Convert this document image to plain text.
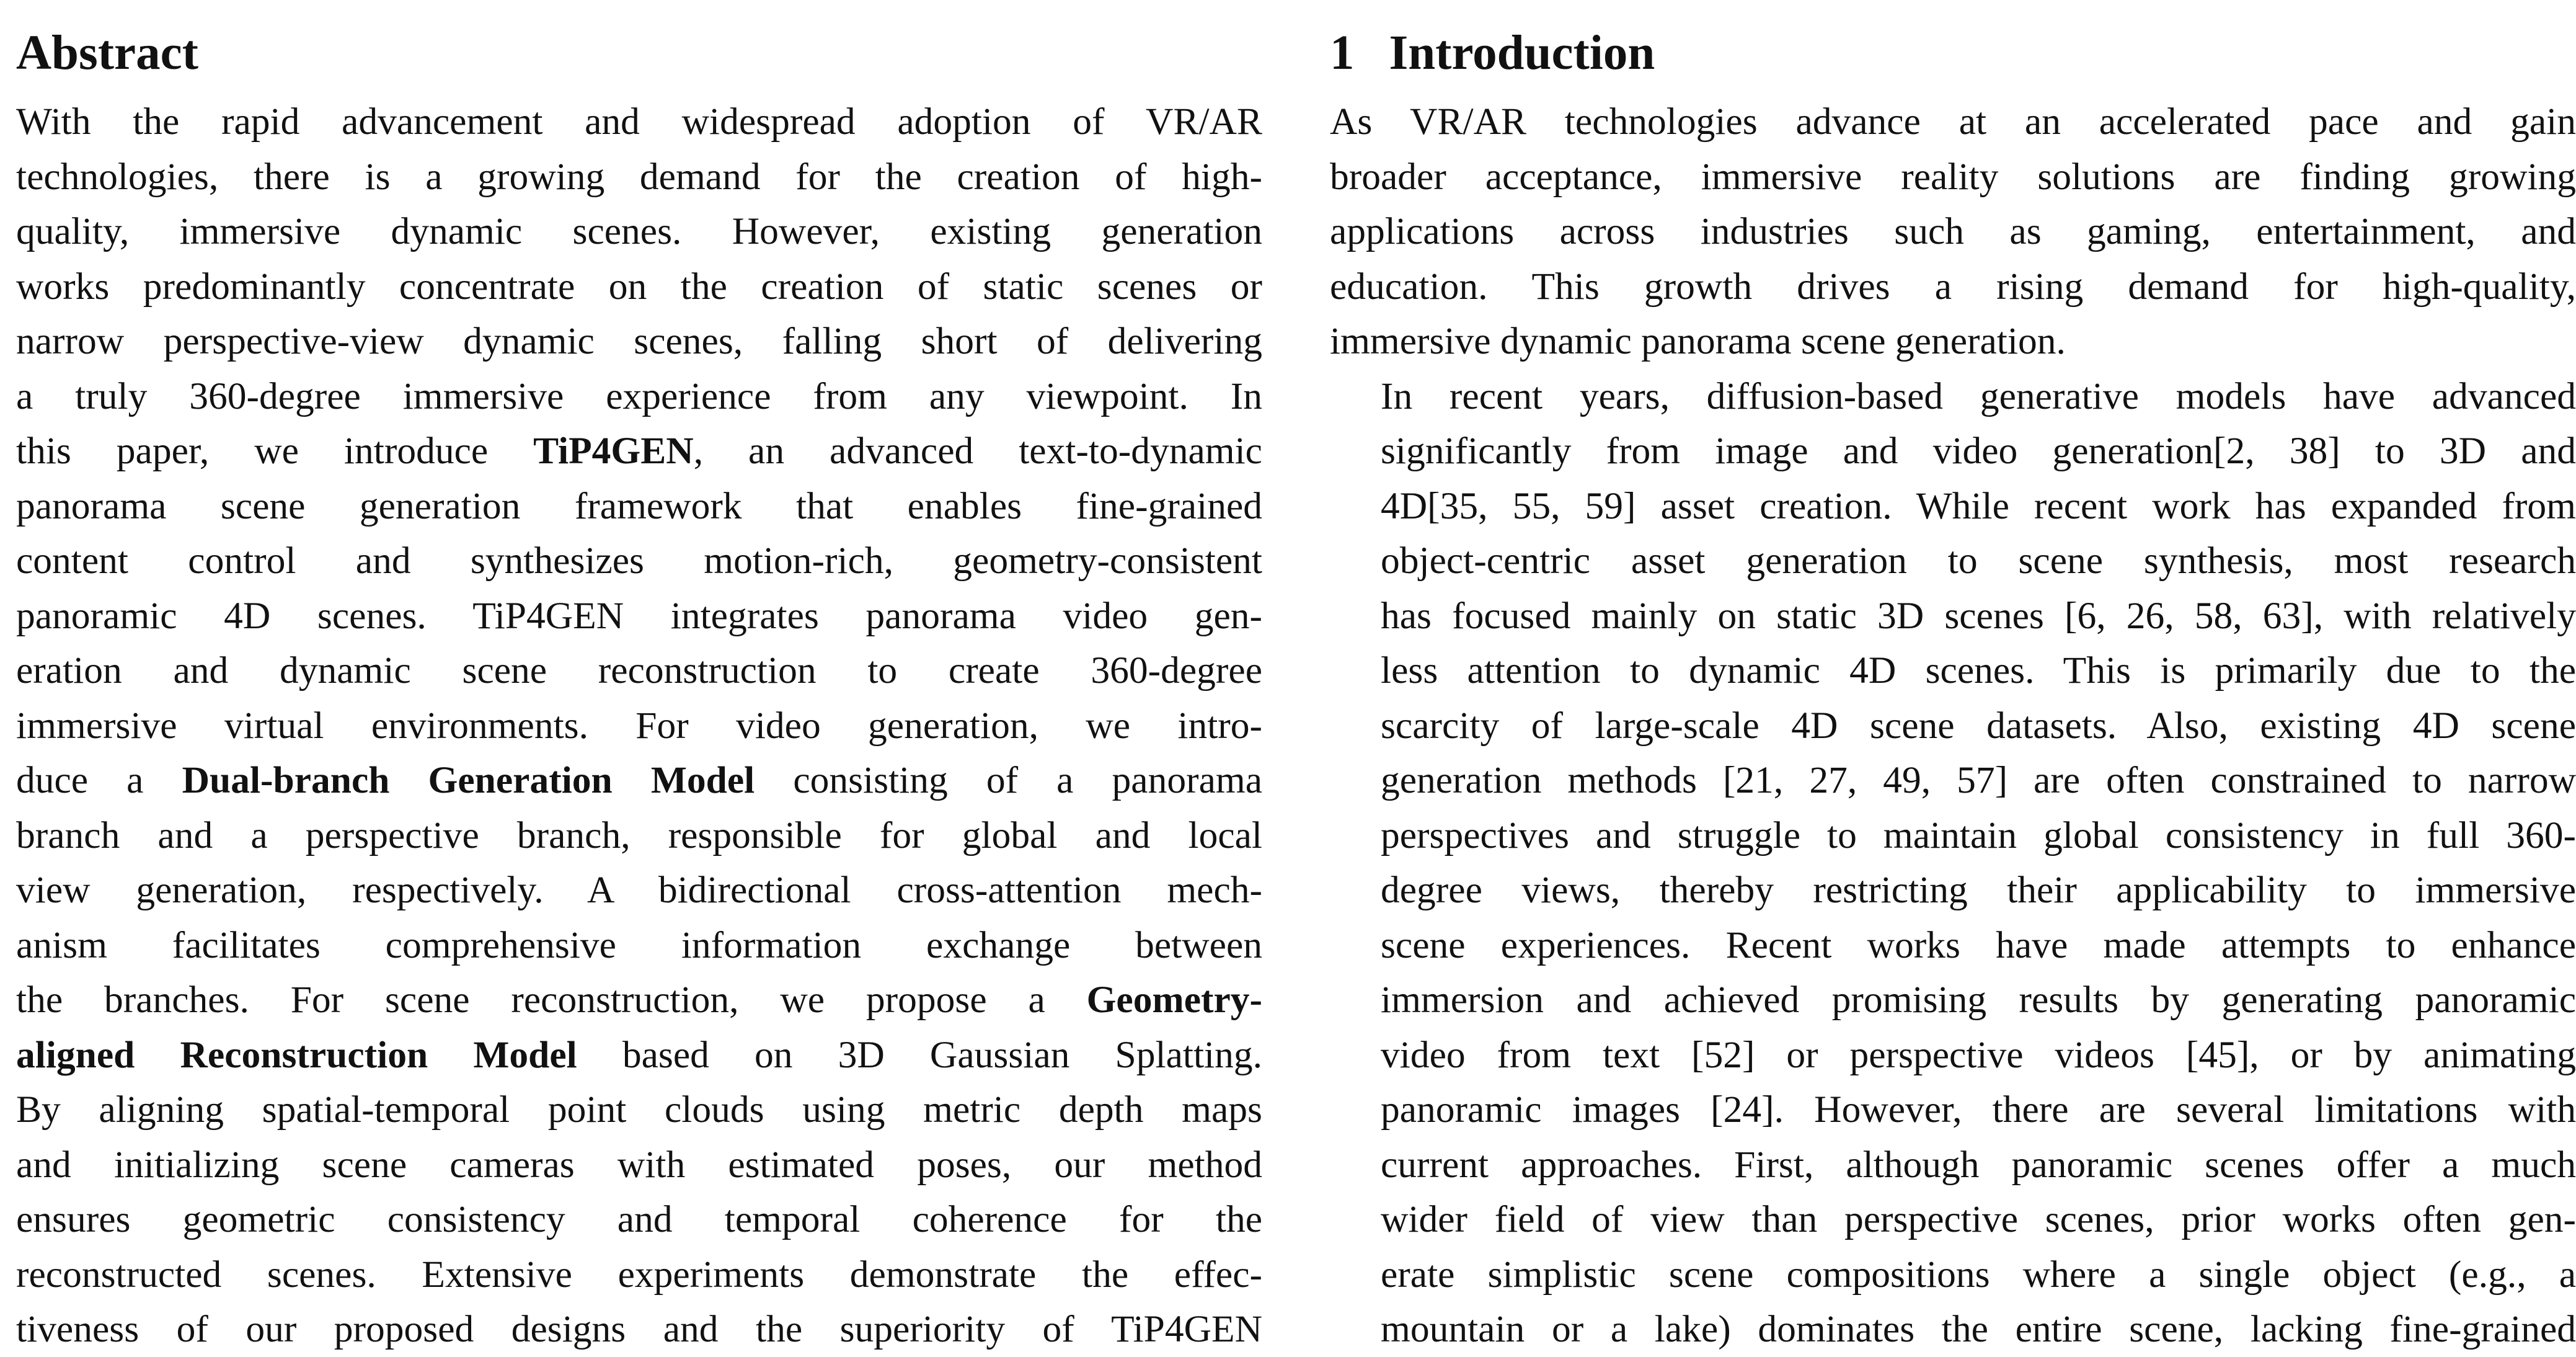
Abstract

With the rapid advancement and widespread adoption of VR/AR
technologies, there is a growing demand for the creation of high-
quality, immersive dynamic scenes. However, existing generation
works predominantly concentrate on the creation of static scenes or
narrow perspective-view dynamic scenes, falling short of delivering
a truly 360-degree immersive experience from any viewpoint. In
this paper, we introduce TiP4GEN, an advanced text-to-dynamic
panorama scene generation framework that enables fine-grained
content control and synthesizes motion-rich, geometry-consistent
panoramic 4D scenes. TiP4GEN integrates panorama video gen-
eration and dynamic scene reconstruction to create 360-degree
immersive virtual environments. For video generation, we intro-
duce a Dual-branch Generation Model consisting of a panorama
branch and a perspective branch, responsible for global and local
view generation, respectively. A bidirectional cross-attention mech-
anism facilitates comprehensive information exchange between
the branches. For scene reconstruction, we propose a Geometry-
aligned Reconstruction Model based on 3D Gaussian Splatting.
By aligning spatial-temporal point clouds using metric depth maps
and initializing scene cameras with estimated poses, our method
ensures geometric consistency and temporal coherence for the
reconstructed scenes. Extensive experiments demonstrate the effec-
tiveness of our proposed designs and the superiority of TiP4GEN

1 Introduction

As VR/AR technologies advance at an accelerated pace and gain
broader acceptance, immersive reality solutions are finding growing
applications across industries such as gaming, entertainment, and
education. This growth drives a rising demand for high-quality,
immersive dynamic panorama scene generation.

In recent years, diffusion-based generative models have advanced
significantly from image and video generation[2, 38] to 3D and
4D[35, 55, 59] asset creation. While recent work has expanded from
object-centric asset generation to scene synthesis, most research
has focused mainly on static 3D scenes [6, 26, 58, 63], with relatively
less attention to dynamic 4D scenes. This is primarily due to the
scarcity of large-scale 4D scene datasets. Also, existing 4D scene
generation methods [21, 27, 49, 57] are often constrained to narrow
perspectives and struggle to maintain global consistency in full 360-
degree views, thereby restricting their applicability to immersive
scene experiences. Recent works have made attempts to enhance
immersion and achieved promising results by generating panoramic
video from text [52] or perspective videos [45], or by animating
panoramic images [24]. However, there are several limitations with
current approaches. First, although panoramic scenes offer a much
wider field of view than perspective scenes, prior works often gen-
erate simplistic scene compositions where a single object (e.g., a
mountain or a lake) dominates the entire scene, lacking fine-grained
